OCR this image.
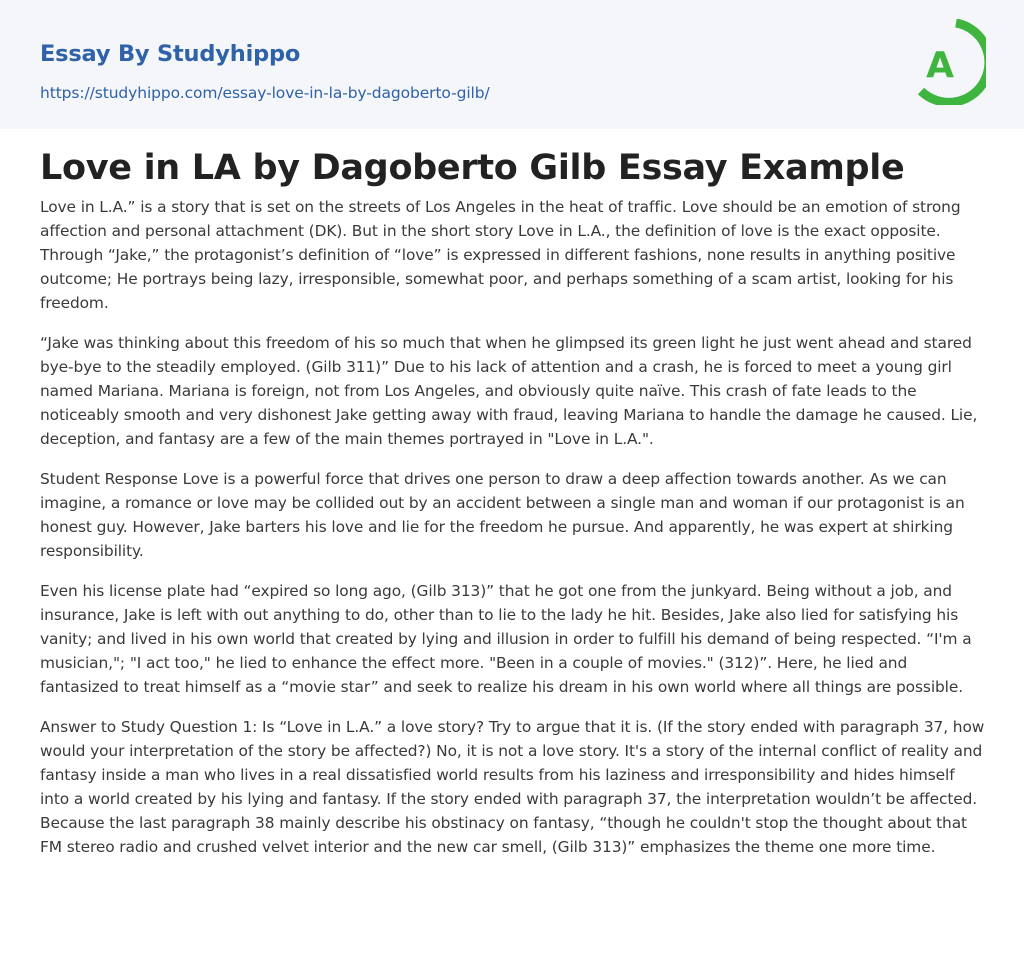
Essay By Studyhippo
https://studyhippo.com/essay-love-in-la-by-dagoberto-gilb/
A
Love in LA by Dagoberto Gilb Essay Example

Love in L.A.” is a story that is set on the streets of Los Angeles in the heat of traffic. Love should be an emotion of strong affection and personal attachment (DK). But in the short story Love in L.A., the definition of love is the exact opposite. Through “Jake,” the protagonist’s definition of “love” is expressed in different fashions, none results in anything positive outcome; He portrays being lazy, irresponsible, somewhat poor, and perhaps something of a scam artist, looking for his freedom.

“Jake was thinking about this freedom of his so much that when he glimpsed its green light he just went ahead and stared bye-bye to the steadily employed. (Gilb 311)” Due to his lack of attention and a crash, he is forced to meet a young girl named Mariana. Mariana is foreign, not from Los Angeles, and obviously quite naïve. This crash of fate leads to the noticeably smooth and very dishonest Jake getting away with fraud, leaving Mariana to handle the damage he caused. Lie, deception, and fantasy are a few of the main themes portrayed in "Love in L.A.".

Student Response Love is a powerful force that drives one person to draw a deep affection towards another. As we can imagine, a romance or love may be collided out by an accident between a single man and woman if our protagonist is an honest guy. However, Jake barters his love and lie for the freedom he pursue. And apparently, he was expert at shirking responsibility.

Even his license plate had “expired so long ago, (Gilb 313)” that he got one from the junkyard. Being without a job, and insurance, Jake is left with out anything to do, other than to lie to the lady he hit. Besides, Jake also lied for satisfying his vanity; and lived in his own world that created by lying and illusion in order to fulfill his demand of being respected. “I'm a musician,"; "I act too," he lied to enhance the effect more. "Been in a couple of movies." (312)”. Here, he lied and fantasized to treat himself as a “movie star” and seek to realize his dream in his own world where all things are possible.

Answer to Study Question 1: Is “Love in L.A.” a love story? Try to argue that it is. (If the story ended with paragraph 37, how would your interpretation of the story be affected?) No, it is not a love story. It's a story of the internal conflict of reality and fantasy inside a man who lives in a real dissatisfied world results from his laziness and irresponsibility and hides himself into a world created by his lying and fantasy. If the story ended with paragraph 37, the interpretation wouldn’t be affected. Because the last paragraph 38 mainly describe his obstinacy on fantasy, “though he couldn't stop the thought about that FM stereo radio and crushed velvet interior and the new car smell, (Gilb 313)” emphasizes the theme one more time.
